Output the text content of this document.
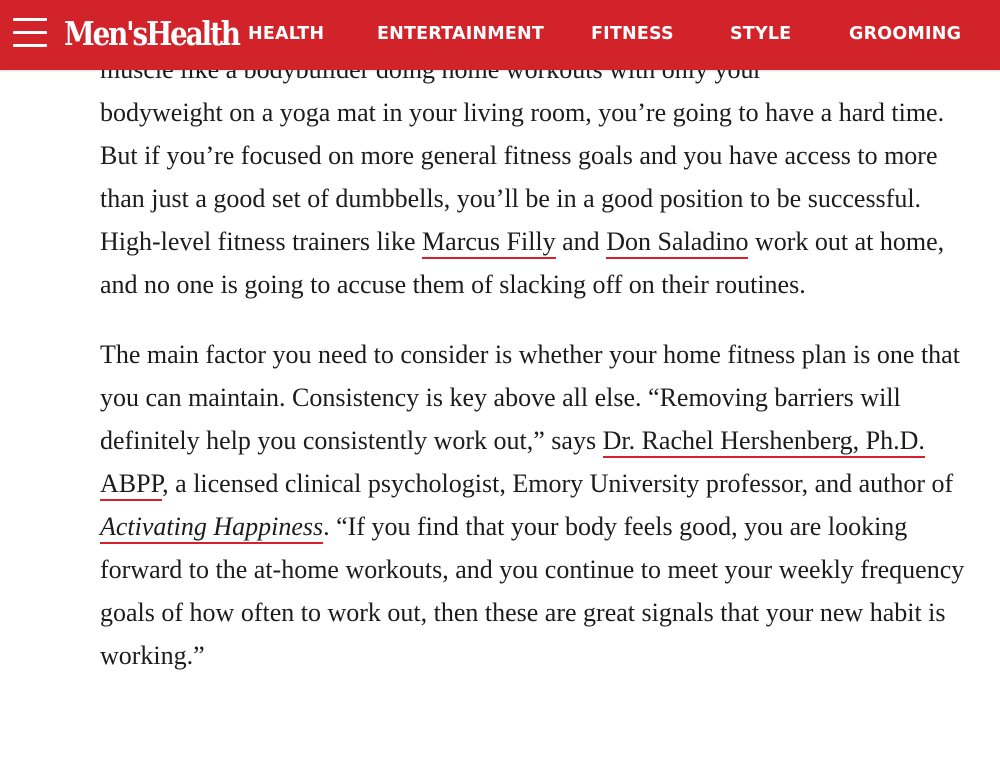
Men'sHealth HEALTH	ENTERTAINMENT	FITNESS	STYLE	GROOMING

bodyweight on a yoga mat in your living room, you’re going to have a hard time. But if you’re focused on more general fitness goals and you have access to more than just a good set of dumbbells, you’ll be in a good position to be successful. High-level fitness trainers like Marcus Filly and Don Saladino work out at home, and no one is going to accuse them of slacking off on their routines.

The main factor you need to consider is whether your home fitness plan is one that you can maintain. Consistency is key above all else. “Removing barriers will definitely help you consistently work out,” says Dr. Rachel Hershenberg, Ph.D. ABPP, a licensed clinical psychologist, Emory University professor, and author of Activating Happiness. “If you find that your body feels good, you are looking forward to the at-home workouts, and you continue to meet your weekly frequency goals of how often to work out, then these are great signals that your new habit is working.”
